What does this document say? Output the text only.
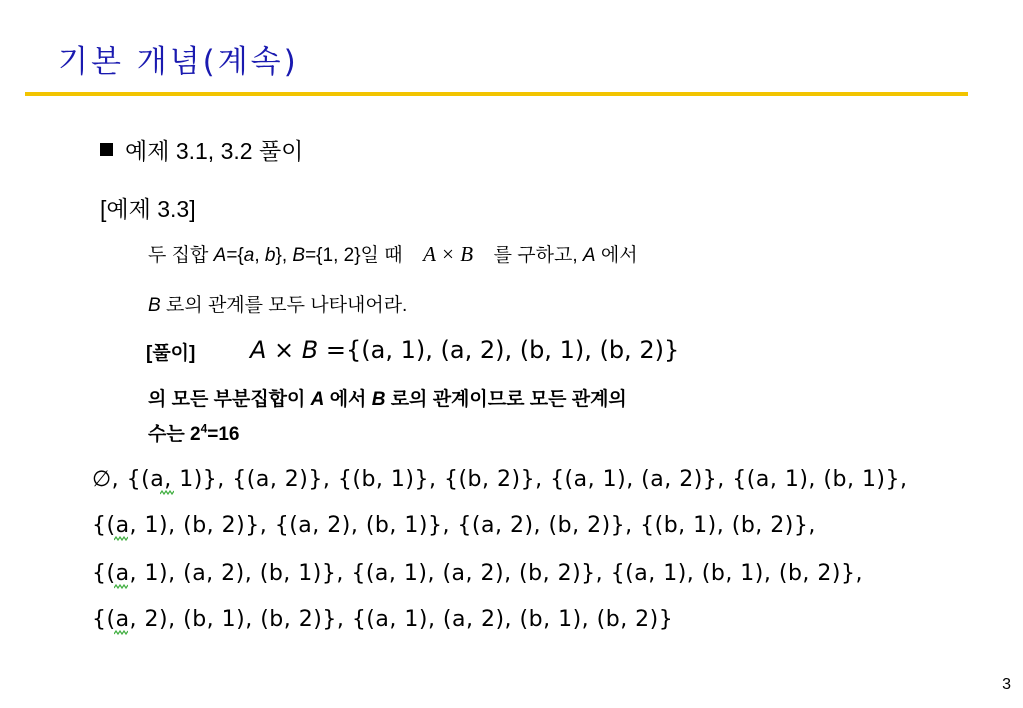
기본 개념(계속)
예제 3.1, 3.2 풀이
[예제 3.3]
두 집합 A={a, b}, B={1, 2}일 때 A × B 를 구하고, A 에서
B 로의 관계를 모두 나타내어라.
[풀이] A × B ={(a, 1), (a, 2), (b, 1), (b, 2)}
의 모든 부분집합이 A 에서 B 로의 관계이므로 모든 관계의
수는 $2^4=16$
∅, {(a, 1)}, {(a, 2)}, {(b, 1)}, {(b, 2)}, {(a, 1), (a, 2)}, {(a, 1), (b, 1)},
{(a, 1), (b, 2)}, {(a, 2), (b, 1)}, {(a, 2), (b, 2)}, {(b, 1), (b, 2)},
{(a, 1), (a, 2), (b, 1)}, {(a, 1), (a, 2), (b, 2)}, {(a, 1), (b, 1), (b, 2)},
{(a, 2), (b, 1), (b, 2)}, {(a, 1), (a, 2), (b, 1), (b, 2)}
3
